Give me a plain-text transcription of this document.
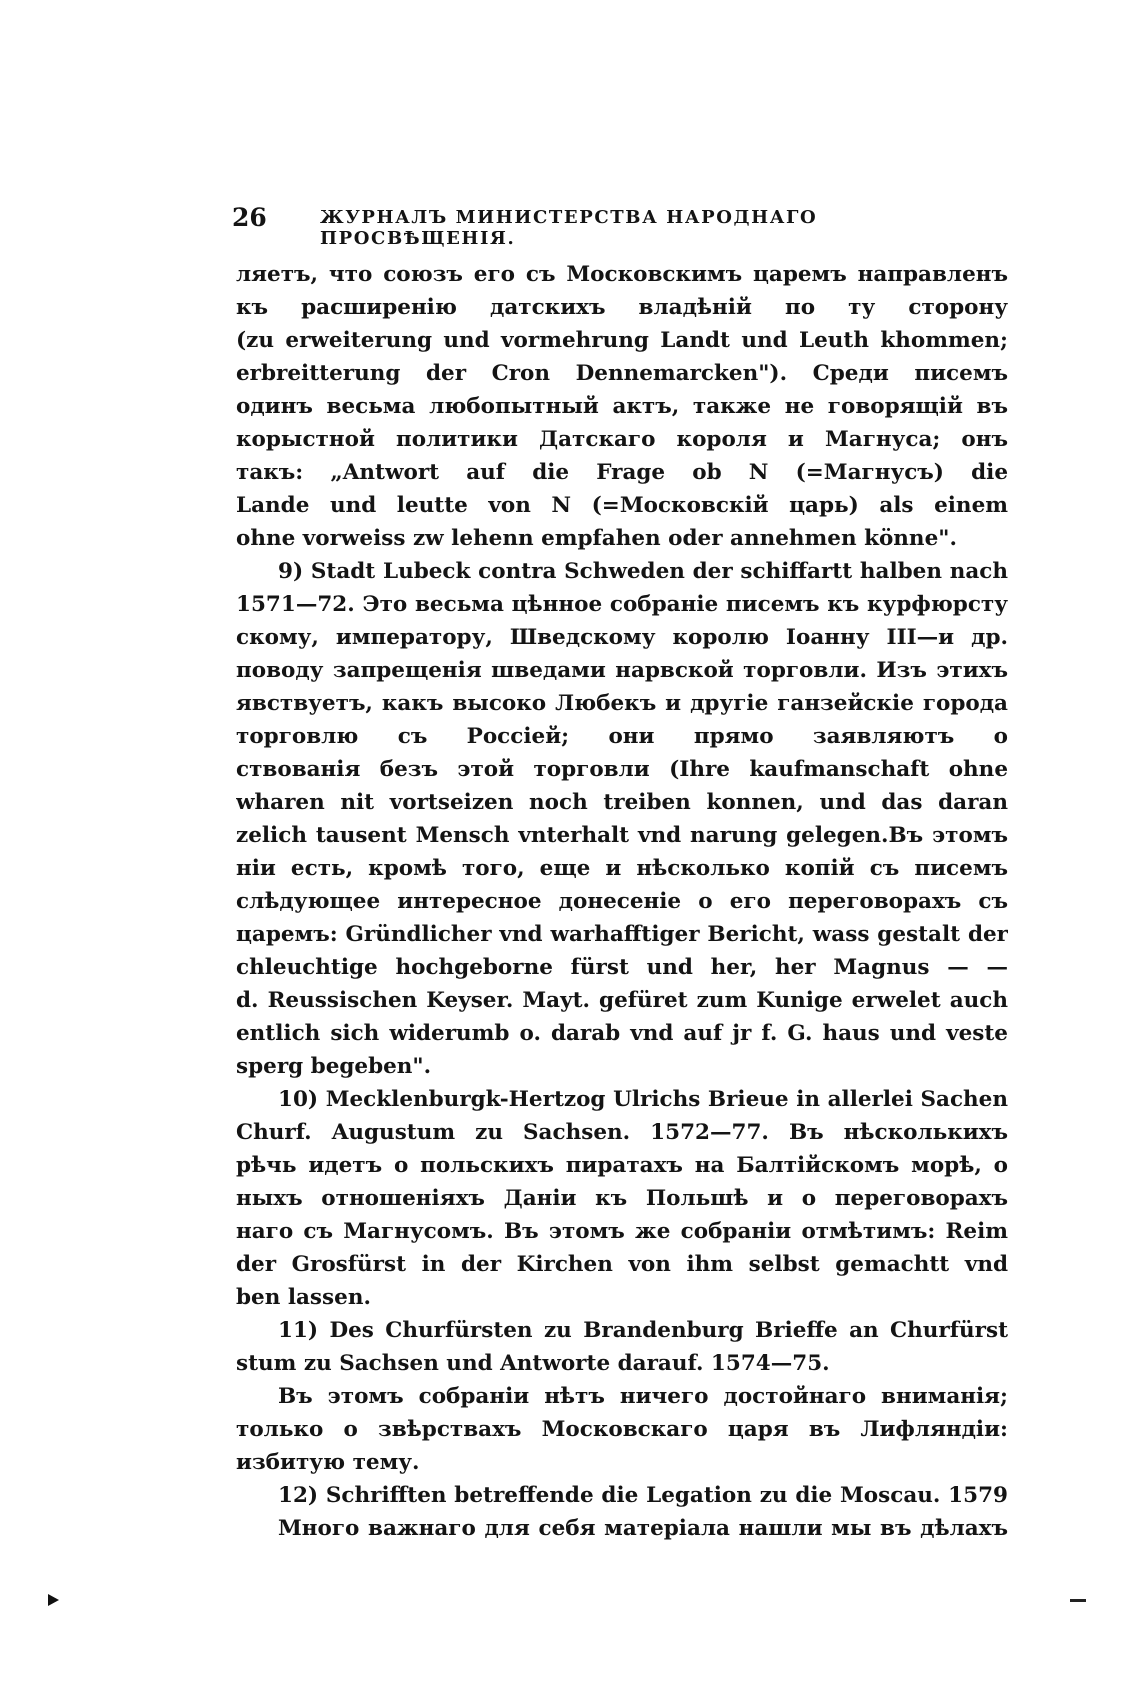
26	ЖУРНАЛЪ МИНИСТЕРСТВА НАРОДНАГО ПРОСВѢЩЕНІЯ.
ляетъ, что союзъ его съ Московскимъ царемъ направленъ
къ расширенію датскихъ владѣній по ту сторону
(zu erweiterung und vormehrung Landt und Leuth khommen;
erbreitterung der Cron Dennemarcken"). Среди писемъ
одинъ весьма любопытный актъ, также не говорящій въ
корыстной политики Датскаго короля и Магнуса; онъ
такъ: „Antwort auf die Frage ob N (=Магнусъ) die
Lande und leutte von N (=Московскій царь) als einem
ohne vorweiss zw lehenn empfahen oder annehmen könne".
9) Stadt Lubeck contra Schweden der schiffartt halben nach
1571—72. Это весьма цѣнное собраніе писемъ къ курфюрсту
скому, императору, Шведскому королю Іоанну III—и др.
поводу запрещенія шведами нарвской торговли. Изъ этихъ
явствуетъ, какъ высоко Любекъ и другіе ганзейскіе города
торговлю съ Россіей; они прямо заявляютъ о
ствованія безъ этой торговли (Ihre kaufmanschaft ohne
wharen nit vortseizen noch treiben konnen, und das daran
zelich tausent Mensch vnterhalt vnd narung gelegen.Въ этомъ
ніи есть, кромѣ того, еще и нѣсколько копій съ писемъ
слѣдующее интересное донесеніе о его переговорахъ съ
царемъ: Gründlicher vnd warhafftiger Bericht, wass gestalt der
chleuchtige hochgeborne fürst und her, her Magnus — —
d. Reussischen Keyser. Mayt. gefüret zum Kunige erwelet auch
entlich sich widerumb o. darab vnd auf jr f. G. haus und veste
sperg begeben".
10) Mecklenburgk-Hertzog Ulrichs Brieue in allerlei Sachen
Churf. Augustum zu Sachsen. 1572—77. Въ нѣсколькихъ
рѣчь идетъ о польскихъ пиратахъ на Балтійскомъ морѣ, о
ныхъ отношеніяхъ Даніи къ Польшѣ и о переговорахъ
наго съ Магнусомъ. Въ этомъ же собраніи отмѣтимъ: Reim
der Grosfürst in der Kirchen von ihm selbst gemachtt vnd
ben lassen.
11) Des Churfürsten zu Brandenburg Brieffe an Churfürst
stum zu Sachsen und Antworte darauf. 1574—75.
Въ этомъ собраніи нѣтъ ничего достойнаго вниманія;
только о звѣрствахъ Московскаго царя въ Лифляндіи:
избитую тему.
12) Schrifften betreffende die Legation zu die Moscau. 1579
Много важнаго для себя матеріала нашли мы въ дѣлахъ
